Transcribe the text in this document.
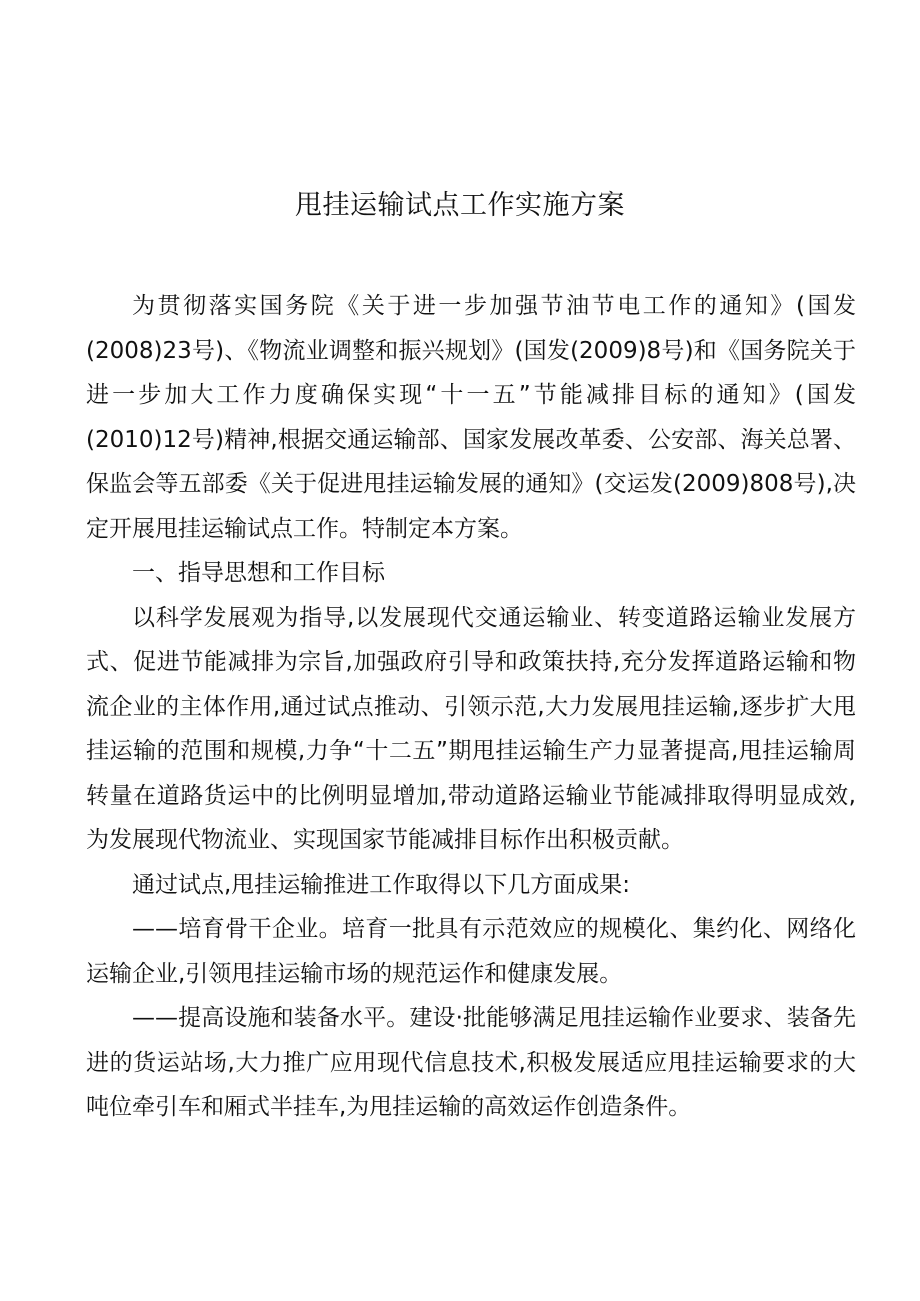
甩挂运输试点工作实施方案

为贯彻落实国务院《关于进一步加强节油节电工作的通知》(国发(2008)23号)、《物流业调整和振兴规划》(国发(2009)8号)和《国务院关于进一步加大工作力度确保实现“十一五”节能减排目标的通知》(国发(2010)12号)精神,根据交通运输部、国家发展改革委、公安部、海关总署、保监会等五部委《关于促进甩挂运输发展的通知》(交运发(2009)808号),决定开展甩挂运输试点工作。特制定本方案。

一、指导思想和工作目标

以科学发展观为指导,以发展现代交通运输业、转变道路运输业发展方式、促进节能减排为宗旨,加强政府引导和政策扶持,充分发挥道路运输和物流企业的主体作用,通过试点推动、引领示范,大力发展甩挂运输,逐步扩大甩挂运输的范围和规模,力争“十二五”期甩挂运输生产力显著提高,甩挂运输周转量在道路货运中的比例明显增加,带动道路运输业节能减排取得明显成效,为发展现代物流业、实现国家节能减排目标作出积极贡献。

通过试点,甩挂运输推进工作取得以下几方面成果:

——培育骨干企业。培育一批具有示范效应的规模化、集约化、网络化运输企业,引领甩挂运输市场的规范运作和健康发展。

——提高设施和装备水平。建设·批能够满足甩挂运输作业要求、装备先进的货运站场,大力推广应用现代信息技术,积极发展适应甩挂运输要求的大吨位牵引车和厢式半挂车,为甩挂运输的高效运作创造条件。
